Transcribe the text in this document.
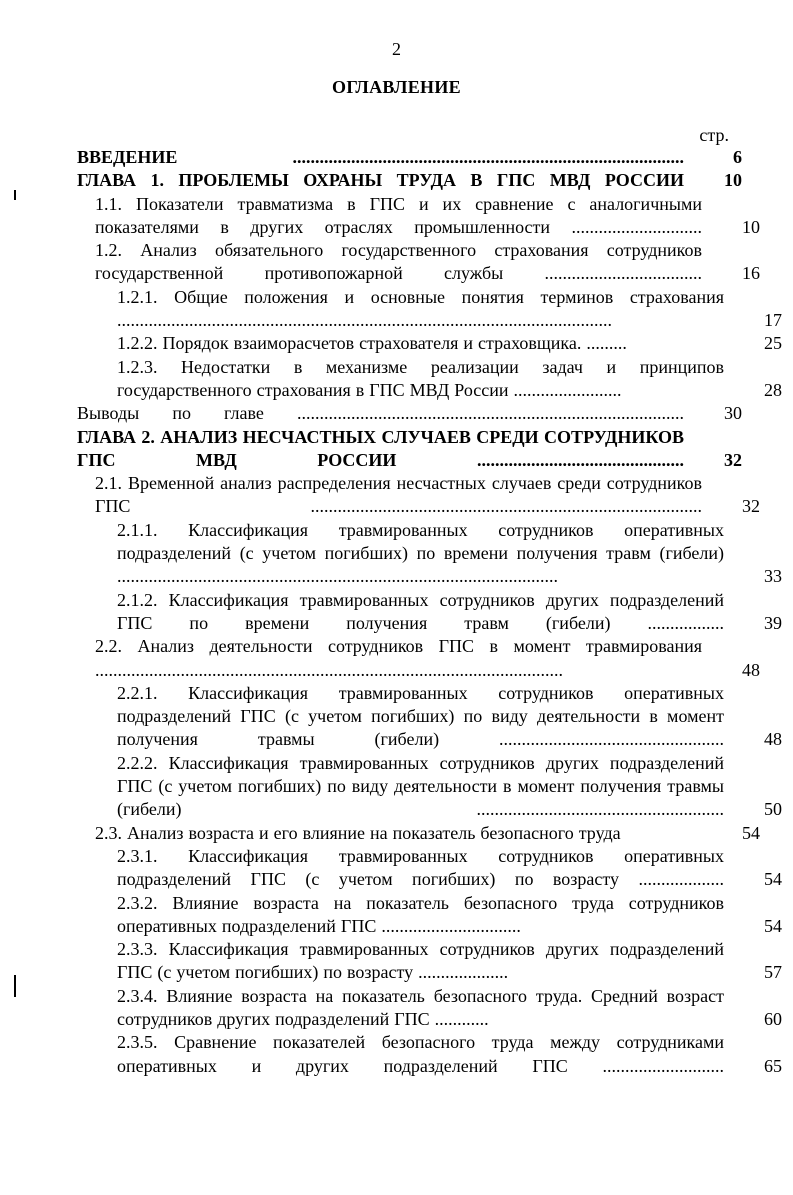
2
ОГЛАВЛЕНИЕ
стр.
ВВЕДЕНИЕ .......................................................................................	6
ГЛАВА 1. ПРОБЛЕМЫ ОХРАНЫ ТРУДА В ГПС МВД РОССИИ	10
1.1. Показатели травматизма в ГПС и их сравнение с аналогичными показателями в других отраслях промышленности .............................	10
1.2. Анализ обязательного государственного страхования сотрудников государственной противопожарной службы ...................................	16
1.2.1. Общие положения и основные понятия терминов страхования ..............................................................................................................	17
1.2.2. Порядок взаиморасчетов страхователя и страховщика. .........	25
1.2.3. Недостатки в механизме реализации задач и принципов государственного страхования в ГПС МВД России ........................	28
Выводы по главе ......................................................................................	30
ГЛАВА 2. АНАЛИЗ НЕСЧАСТНЫХ СЛУЧАЕВ СРЕДИ СОТРУДНИКОВ ГПС МВД РОССИИ ..............................................	32
2.1. Временной анализ распределения несчастных случаев среди сотрудников ГПС .......................................................................................	32
2.1.1. Классификация травмированных сотрудников оперативных подразделений (с учетом погибших) по времени получения травм (гибели) ..................................................................................................	33
2.1.2. Классификация травмированных сотрудников других подразделений ГПС по времени получения травм (гибели) .................	39
2.2. Анализ деятельности сотрудников ГПС в момент травмирования ........................................................................................................	48
2.2.1. Классификация травмированных сотрудников оперативных подразделений ГПС (с учетом погибших) по виду деятельности в момент получения травмы (гибели) ..................................................	48
2.2.2. Классификация травмированных сотрудников других подразделений ГПС (с учетом погибших) по виду деятельности в момент получения травмы (гибели) .......................................................	50
2.3. Анализ возраста и его влияние на показатель безопасного труда	54
2.3.1. Классификация травмированных сотрудников оперативных подразделений ГПС (с учетом погибших) по возрасту ...................	54
2.3.2. Влияние возраста на показатель безопасного труда сотрудников оперативных подразделений ГПС ...............................	54
2.3.3. Классификация травмированных сотрудников других подразделений ГПС (с учетом погибших) по возрасту ....................	57
2.3.4. Влияние возраста на показатель безопасного труда. Средний возраст сотрудников других подразделений ГПС ............	60
2.3.5. Сравнение показателей безопасного труда между сотрудниками оперативных и других подразделений ГПС ...........................	65
